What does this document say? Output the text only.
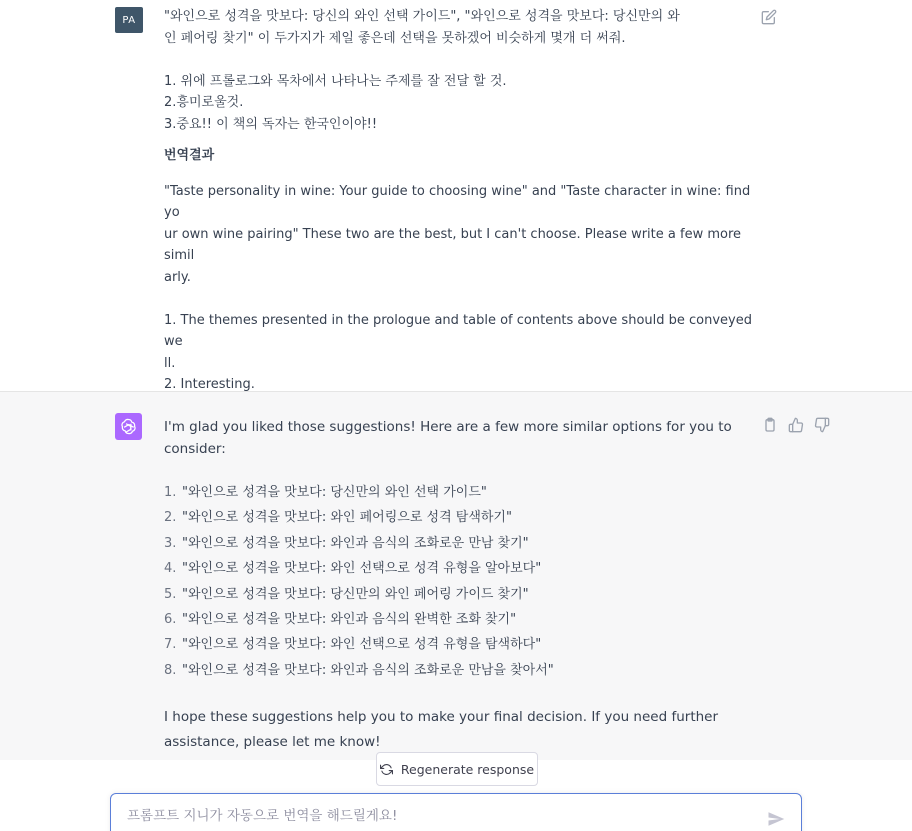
PA "와인으로 성격을 맛보다: 당신의 와인 선택 가이드", "와인으로 성격을 맛보다: 당신만의 와

인 페어링 찾기" 이 두가지가 제일 좋은데 선택을 못하겠어 비슷하게 몇개 더 써줘.

1. 위에 프롤로그와 목차에서 나타나는 주제를 잘 전달 할 것.

2.흥미로울것.

3.중요!! 이 책의 독자는 한국인이야!!

번역결과

"Taste personality in wine: Your guide to choosing wine" and "Taste character in wine: find yo

ur own wine pairing" These two are the best, but I can't choose. Please write a few more simil

arly.

1. The themes presented in the prologue and table of contents above should be conveyed we

ll.

2. Interesting.

I'm glad you liked those suggestions! Here are a few more similar options for you to consider:

1. "와인으로 성격을 맛보다: 당신만의 와인 선택 가이드"
2. "와인으로 성격을 맛보다: 와인 페어링으로 성격 탐색하기"
3. "와인으로 성격을 맛보다: 와인과 음식의 조화로운 만남 찾기"
4. "와인으로 성격을 맛보다: 와인 선택으로 성격 유형을 알아보다"
5. "와인으로 성격을 맛보다: 당신만의 와인 페어링 가이드 찾기"
6. "와인으로 성격을 맛보다: 와인과 음식의 완벽한 조화 찾기"
7. "와인으로 성격을 맛보다: 와인 선택으로 성격 유형을 탐색하다"
8. "와인으로 성격을 맛보다: 와인과 음식의 조화로운 만남을 찾아서"

I hope these suggestions help you to make your final decision. If you need further assistance, please let me know!

Regenerate response
프롬프트 지니가 자동으로 번역을 해드릴게요!
